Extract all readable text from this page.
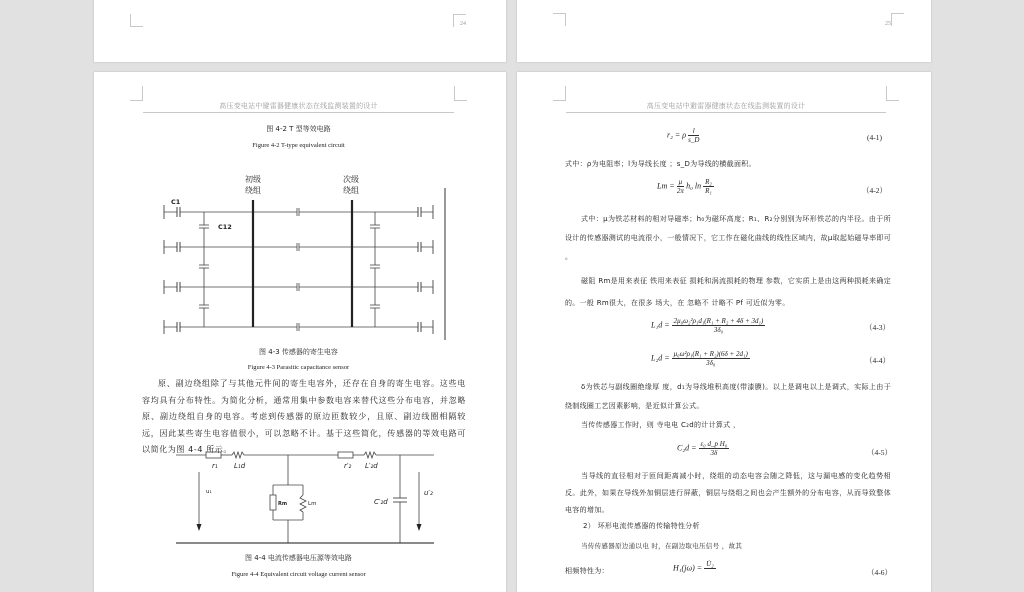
24	25
高压变电站中避雷器健康状态在线监测装置的设计
图 4-2 T 型等效电路
Figure 4-2 T-type equivalent circuit
初级
绕组
次级
绕组
C1
C12
图 4-3 传感器的寄生电容
Figure 4-3 Parasitic capacitance sensor
原、副边绕组除了与其他元件间的寄生电容外，还存在自身的寄生电容。这些电容均具有分布特性。为简化分析，通常用集中参数电容来替代这些分布电容，并忽略原、副边绕组自身的电容。考虑到传感器的原边匝数较少，且原、副边线圈相隔较远，因此某些寄生电容值很小，可以忽略不计。基于这些简化，传感器的等效电路可以简化为图 4-4 所示。
r₁ L₁d	r′₂ L′₂d
u₁
Rm	Lm	C′₂d
u′₂
图 4-4 电流传感器电压源等效电路
Figure 4-4 Equivalent circuit voltage current sensor
高压变电站中避雷器健康状态在线监测装置的设计
r₂ = ρ $\frac{l}{s\_D}$	(4-1)
式中：ρ为电阻率；l为导线长度 ；s_D为导线的横截面积。
$Lm = \frac{\mu}{2\pi} h_0$ $\ln \frac{\text{R₂}}{\text{R₁}}$	（4-2）
式中：μ为铁芯材料的相对导磁率；h₀为磁环高度；R₁、R₂分别别为环形铁芯的内半径。由于所设计的传感器测试的电流很小，一般情况下，它工作在磁化曲线的线性区域内，故μ取起始磁导率即可 。
磁阻 Rm是用来表征 铁用来表征 损耗和涡流损耗的物理 参数，它实质上是由这两种损耗来确定的。一般 Rm很大，在很多 场大，在 忽略不 计略不 Pf 可近似为零。
$L_1d = \frac{\text{2μ₀ω₂²ρ₁d₁(R₁ + R₂ + 4δ + 3d₁)}}{\text{3δ₀}}$	（4-3）
$L_2d = \frac{\text{μ₀ω²ρ₁(R₁ + R₂)(6δ + 2d₁)}}{\text{3δ₀}}$	（4-4）
δ为铁芯与副线圈绝缘厚 度，d₁为导线堆积高度(带漆膜)。以上是调电以上是调式，实际上由于绕制线圈工艺因素影响，是近似计算公式。
当传传感器工作时，则 寺电电 C₂d的计计算式 ，
$C_2d = \frac{\text{ε₀ d\_p H₀}}{3\delta}$	（4-5）
当导线的直径相对于匝间距离减小时，绕组的动态电容会随之降低，这与漏电感的变化趋势相反。此外，如果在导线外加铜层进行屏蔽，铜层与绕组之间也会产生额外的分布电容，从而导致整体电容的增加。
2） 环形电流传感器的传输特性分析
当传传感器原边通以电 时，在副边取电压信号 ，故其
相频特性为：	H₁(jω) = U̇₂

（4-6）
